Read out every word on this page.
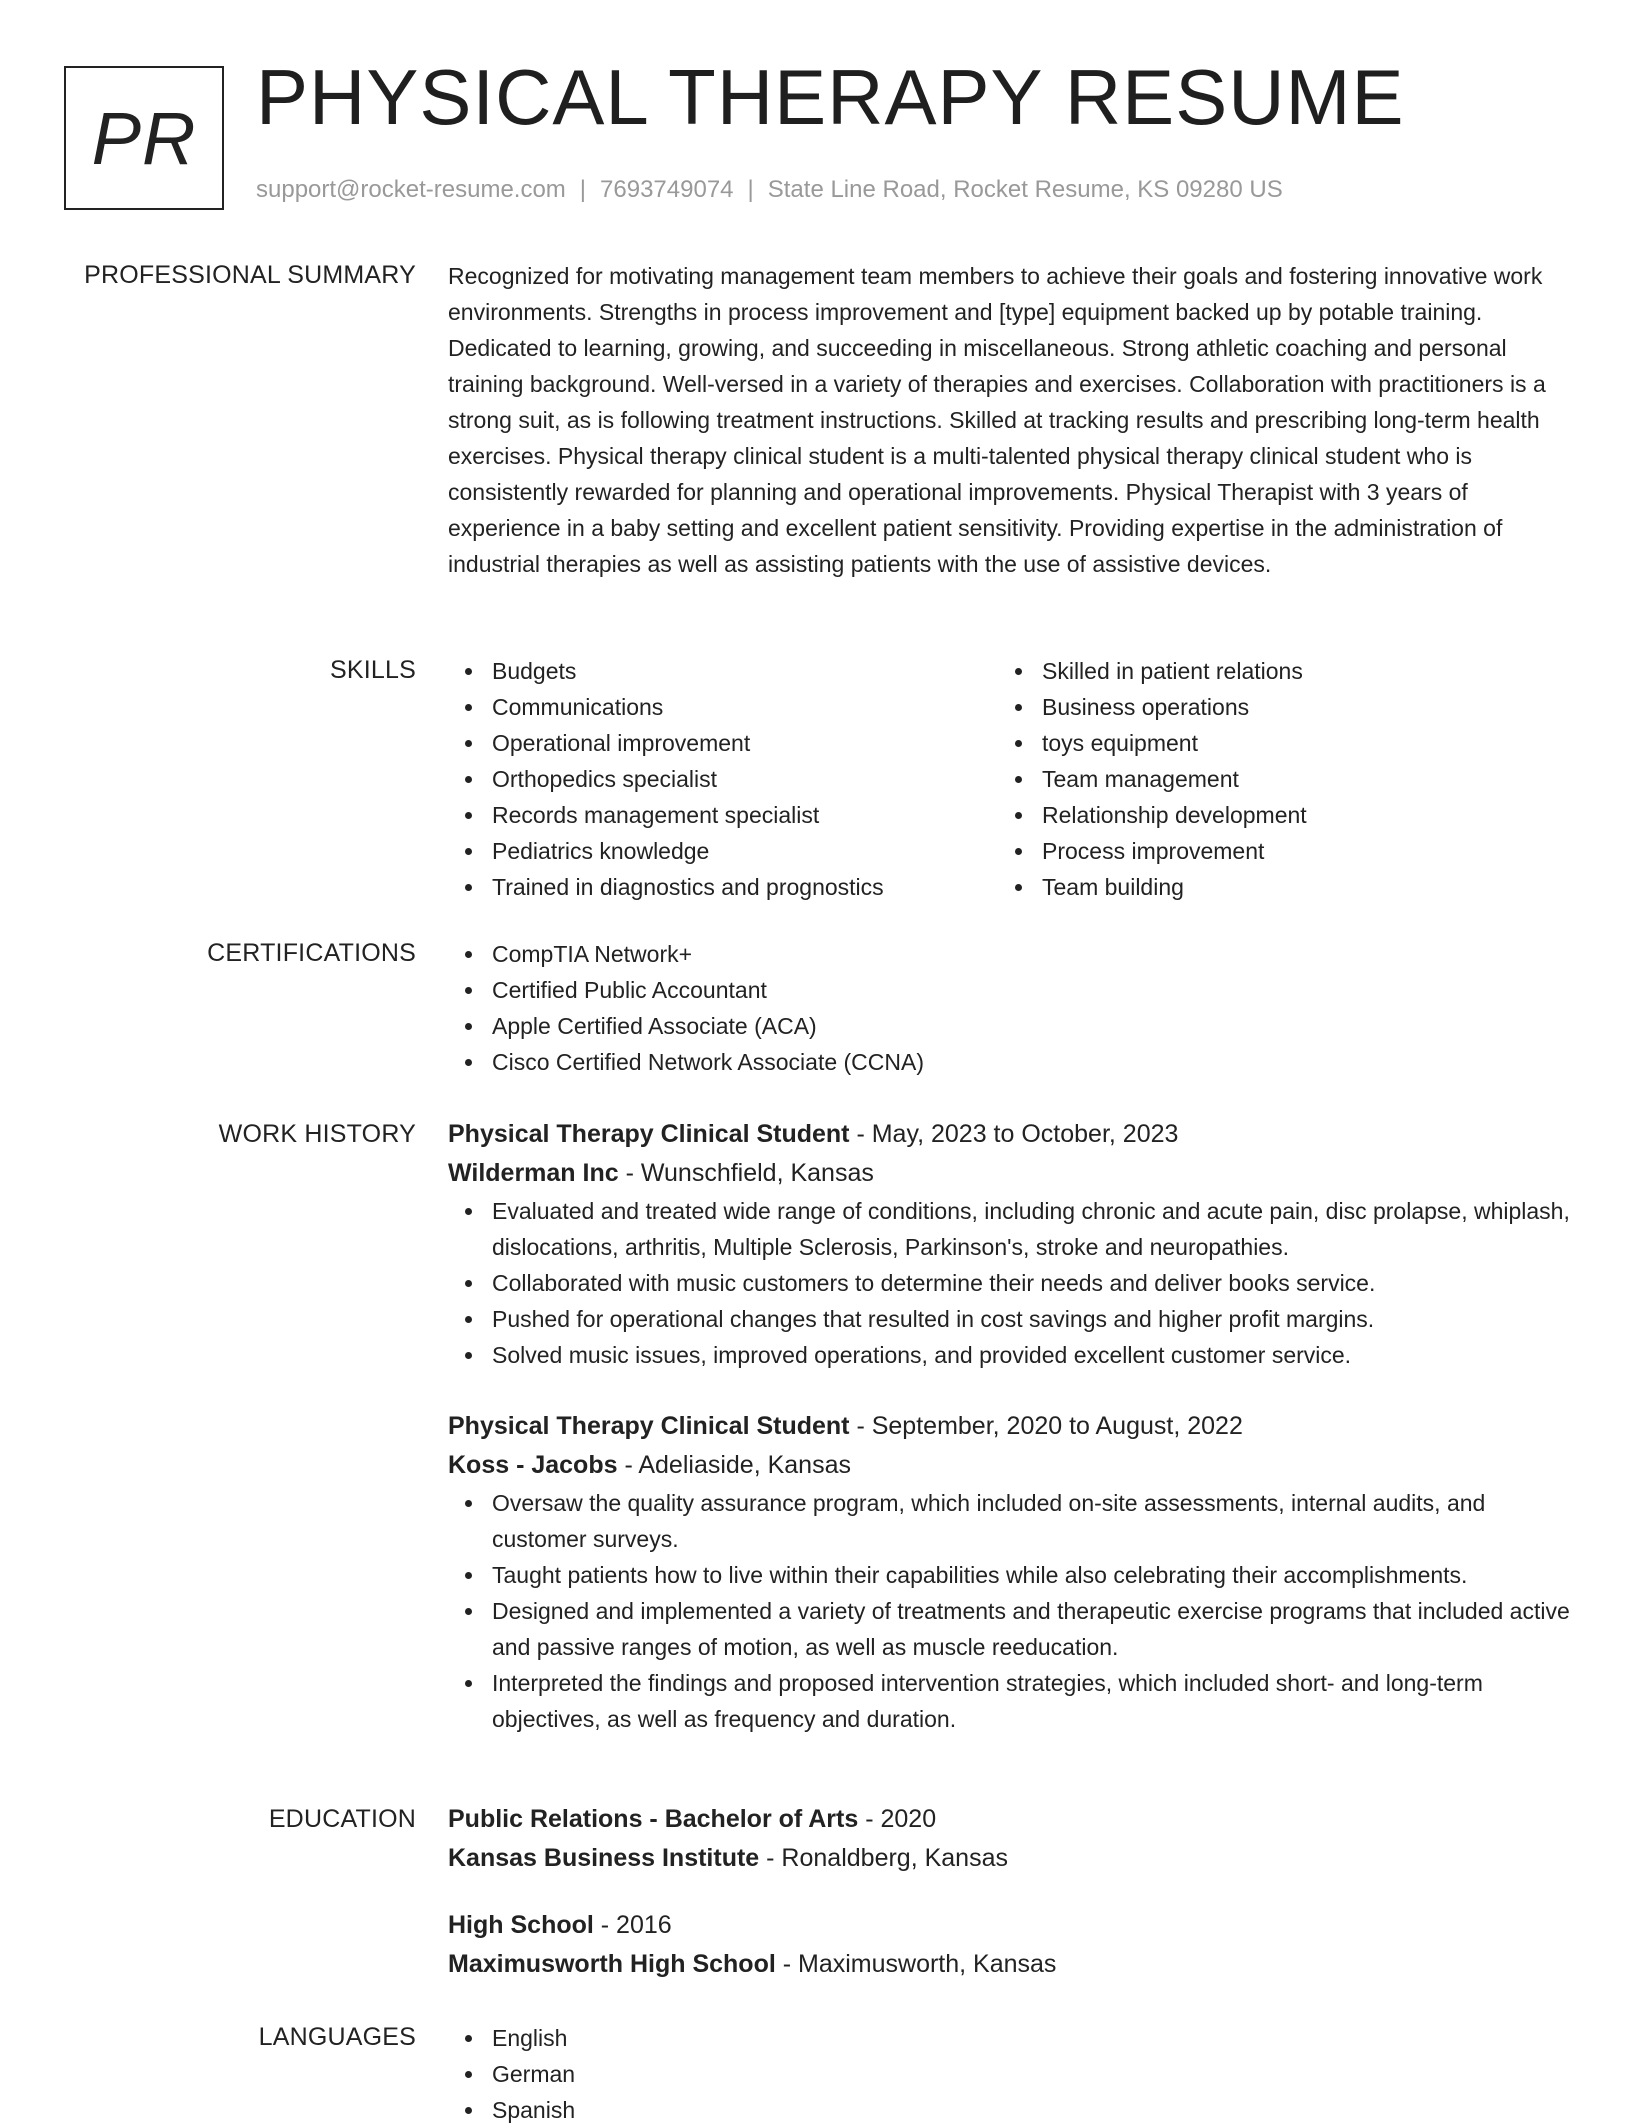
PR PHYSICAL THERAPY RESUME
support@rocket-resume.com | 7693749074 | State Line Road, Rocket Resume, KS 09280 US
PROFESSIONAL SUMMARY Recognized for motivating management team members to achieve their goals and fostering innovative work environments. Strengths in process improvement and [type] equipment backed up by potable training. Dedicated to learning, growing, and succeeding in miscellaneous. Strong athletic coaching and personal training background. Well-versed in a variety of therapies and exercises. Collaboration with practitioners is a strong suit, as is following treatment instructions. Skilled at tracking results and prescribing long-term health exercises. Physical therapy clinical student is a multi-talented physical therapy clinical student who is consistently rewarded for planning and operational improvements. Physical Therapist with 3 years of experience in a baby setting and excellent patient sensitivity. Providing expertise in the administration of industrial therapies as well as assisting patients with the use of assistive devices.

SKILLS	Budgets
Communications
Operational improvement
Orthopedics specialist
Records management specialist
Pediatrics knowledge
Trained in diagnostics and prognostics
Skilled in patient relations
Business operations
toys equipment
Team management
Relationship development
Process improvement
Team building
CERTIFICATIONS	CompTIA Network+
Certified Public Accountant
Apple Certified Associate (ACA)
Cisco Certified Network Associate (CCNA)
WORK HISTORY Physical Therapy Clinical Student - May, 2023 to October, 2023
Wilderman Inc - Wunschfield, Kansas
Evaluated and treated wide range of conditions, including chronic and acute pain, disc prolapse, whiplash, dislocations, arthritis, Multiple Sclerosis, Parkinson's, stroke and neuropathies.
Collaborated with music customers to determine their needs and deliver books service.
Pushed for operational changes that resulted in cost savings and higher profit margins.
Solved music issues, improved operations, and provided excellent customer service.
Physical Therapy Clinical Student - September, 2020 to August, 2022
Koss - Jacobs - Adeliaside, Kansas
Oversaw the quality assurance program, which included on-site assessments, internal audits, and customer surveys.
Taught patients how to live within their capabilities while also celebrating their accomplishments.
Designed and implemented a variety of treatments and therapeutic exercise programs that included active and passive ranges of motion, as well as muscle reeducation.
Interpreted the findings and proposed intervention strategies, which included short- and long-term objectives, as well as frequency and duration.
EDUCATION Public Relations - Bachelor of Arts - 2020
Kansas Business Institute - Ronaldberg, Kansas
High School - 2016
Maximusworth High School - Maximusworth, Kansas
LANGUAGES	English
German
Spanish
